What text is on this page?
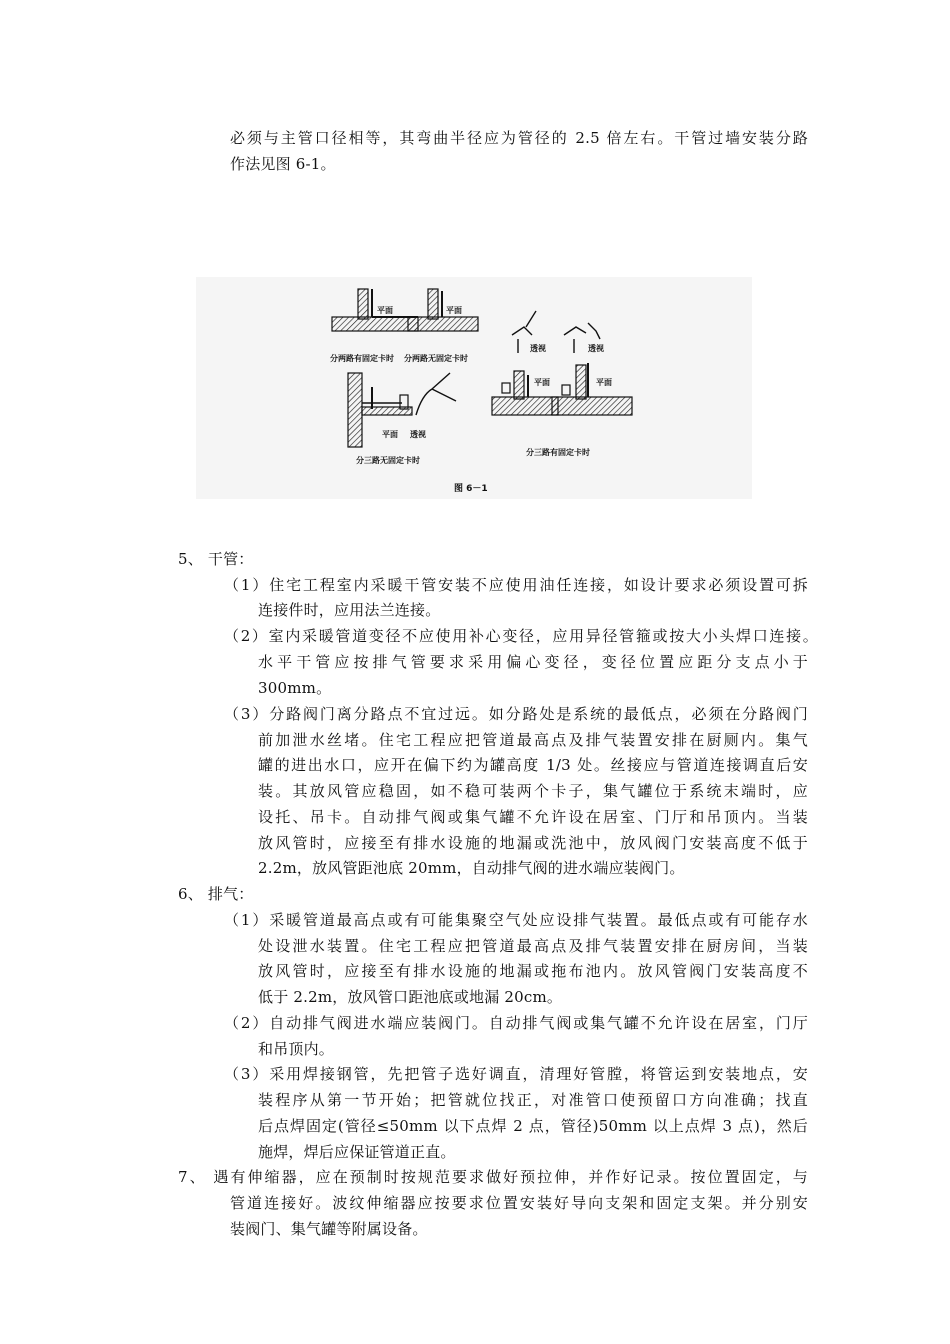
必须与主管口径相等，其弯曲半径应为管径的 2.5 倍左右。干管过墙安装分路
作法见图 6-1。
平面	平面
分两路有固定卡时 分两路无固定卡时
透视	透视
平面 透视
分三路无固定卡时
平面	平面
分三路有固定卡时
图 6－1
5、 干管：
（1）住宅工程室内采暖干管安装不应使用油任连接，如设计要求必须设置可拆
连接件时，应用法兰连接。
（2）室内采暖管道变径不应使用补心变径，应用异径管箍或按大小头焊口连接。
水平干管应按排气管要求采用偏心变径，变径位置应距分支点小于
300mm。
（3）分路阀门离分路点不宜过远。如分路处是系统的最低点，必须在分路阀门
前加泄水丝堵。住宅工程应把管道最高点及排气装置安排在厨厕内。集气
罐的进出水口，应开在偏下约为罐高度 1/3 处。丝接应与管道连接调直后安
装。其放风管应稳固，如不稳可装两个卡子，集气罐位于系统末端时，应
设托、吊卡。自动排气阀或集气罐不允许设在居室、门厅和吊顶内。当装
放风管时，应接至有排水设施的地漏或洗池中，放风阀门安装高度不低于
2.2m，放风管距池底 20mm，自动排气阀的进水端应装阀门。
6、 排气：
（1）采暖管道最高点或有可能集聚空气处应设排气装置。最低点或有可能存水
处设泄水装置。住宅工程应把管道最高点及排气装置安排在厨房间，当装
放风管时，应接至有排水设施的地漏或拖布池内。放风管阀门安装高度不
低于 2.2m，放风管口距池底或地漏 20cm。
（2）自动排气阀进水端应装阀门。自动排气阀或集气罐不允许设在居室，门厅
和吊顶内。
（3）采用焊接钢管，先把管子选好调直，清理好管膛，将管运到安装地点，安
装程序从第一节开始；把管就位找正，对准管口使预留口方向准确；找直
后点焊固定(管径≤50mm 以下点焊 2 点，管径)50mm 以上点焊 3 点)，然后
施焊，焊后应保证管道正直。
7、 遇有伸缩器，应在预制时按规范要求做好预拉伸，并作好记录。按位置固定，与
管道连接好。波纹伸缩器应按要求位置安装好导向支架和固定支架。并分别安
装阀门、集气罐等附属设备。
